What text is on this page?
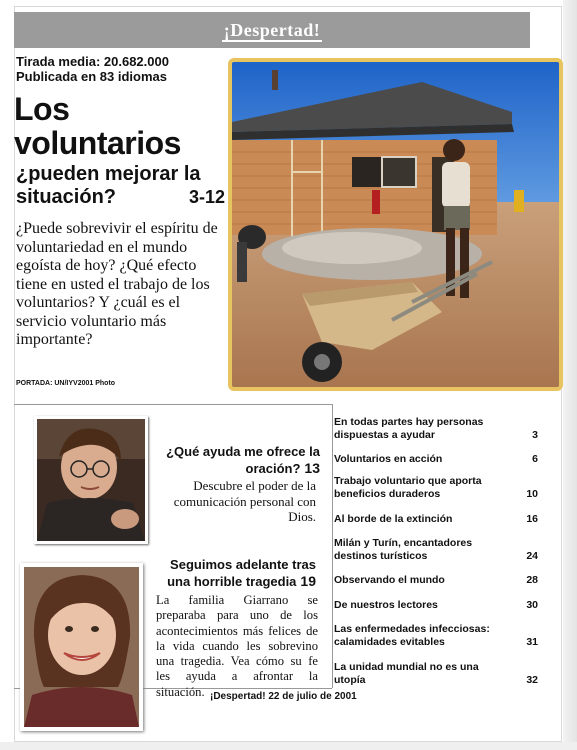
¡Despertad!
Tirada media: 20.682.000
Publicada en 83 idiomas
Los
voluntarios
¿pueden mejorar la situación?	3-12
¿Puede sobrevivir el espíritu de voluntariedad en el mundo egoísta de hoy? ¿Qué efecto tiene en usted el trabajo de los voluntarios? Y ¿cuál es el servicio voluntario más importante?
PORTADA: UN/IYV2001 Photo
¿Qué ayuda me ofrece la oración? 13
Descubre el poder de la comunicación personal con Dios.
Seguimos adelante tras una horrible tragedia 19
La familia Giarrano se preparaba para uno de los acontecimientos más felices de la vida cuando les sobrevino una tragedia. Vea cómo su fe les ayuda a afrontar la situación.
En todas partes hay personas dispuestas a ayudar	3
Voluntarios en acción	6
Trabajo voluntario que aporta beneficios duraderos	10
Al borde de la extinción	16
Milán y Turín, encantadores destinos turísticos	24
Observando el mundo	28
De nuestros lectores	30
Las enfermedades infecciosas: calamidades evitables	31
La unidad mundial no es una utopía	32
¡Despertad! 22 de julio de 2001
